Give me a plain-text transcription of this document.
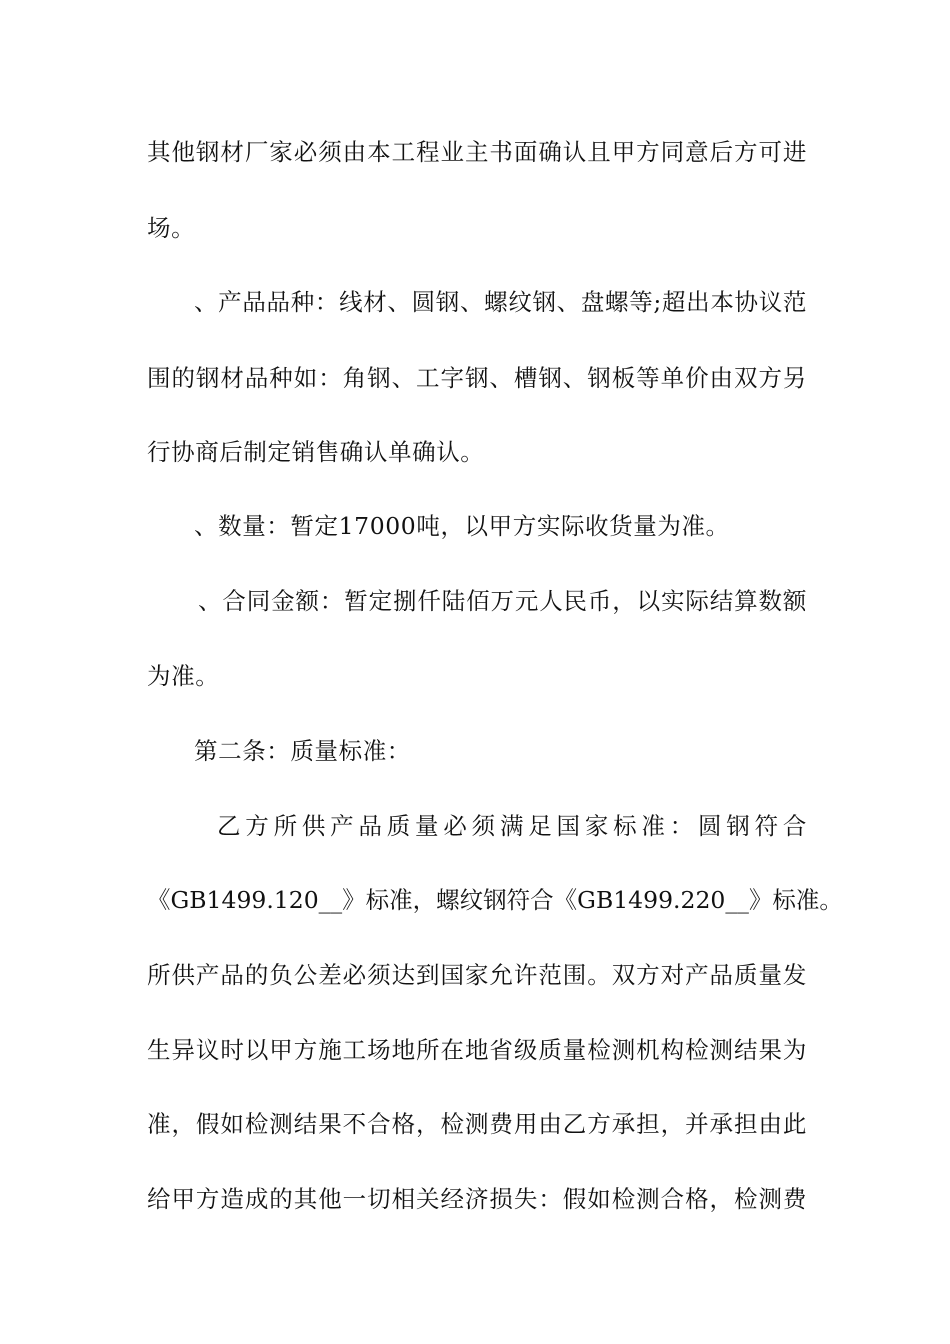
其他钢材厂家必须由本工程业主书面确认且甲方同意后方可进
场。
、产品品种：线材、圆钢、螺纹钢、盘螺等;超出本协议范
围的钢材品种如：角钢、工字钢、槽钢、钢板等单价由双方另
行协商后制定销售确认单确认。
、数量：暂定17000吨，以甲方实际收货量为准。
、合同金额：暂定捌仟陆佰万元人民币，以实际结算数额
为准。
第二条：质量标准：
乙方所供产品质量必须满足国家标准：圆钢符合
《GB1499.120__》标准，螺纹钢符合《GB1499.220__》标准。
所供产品的负公差必须达到国家允许范围。双方对产品质量发
生异议时以甲方施工场地所在地省级质量检测机构检测结果为
准，假如检测结果不合格，检测费用由乙方承担，并承担由此
给甲方造成的其他一切相关经济损失：假如检测合格，检测费
